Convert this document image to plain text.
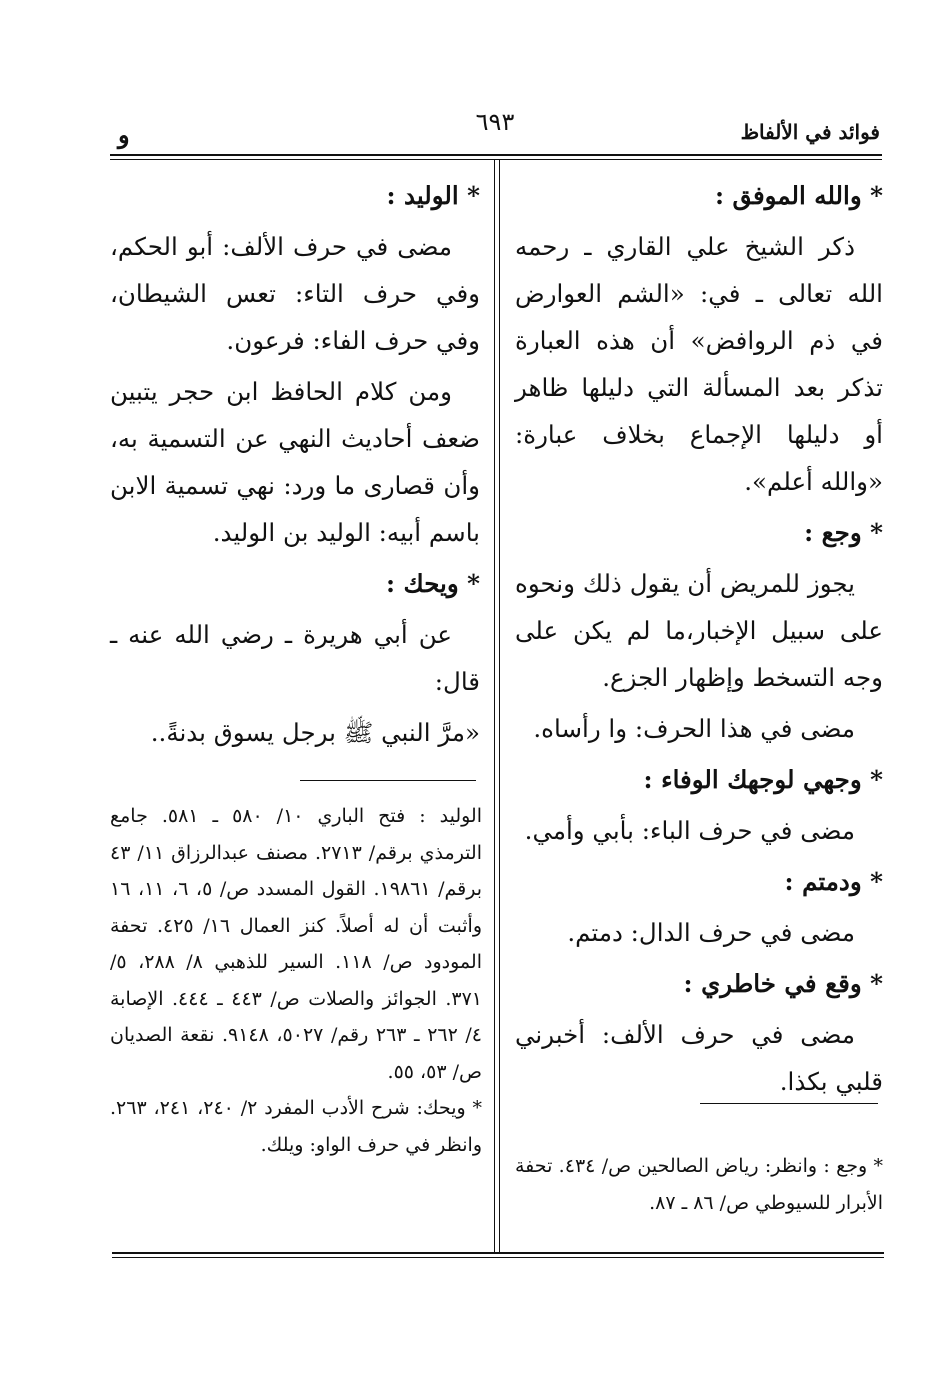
فوائد في الألفاظ
٦٩٣
و

* والله الموفق :

ذكر الشيخ علي القاري ـ رحمه الله تعالى ـ في: «الشم العوارض في ذم الروافض» أن هذه العبارة تذكر بعد المسألة التي دليلها ظاهر أو دليلها الإجماع بخلاف عبارة: «والله أعلم».

* وجع :

يجوز للمريض أن يقول ذلك ونحوه على سبيل الإخبار،ما لم يكن على وجه التسخط وإظهار الجزع.

مضى في هذا الحرف: وا رأساه.

* وجهي لوجهك الوفاء :

مضى في حرف الباء: بأبي وأمي.

* ودمتم :

مضى في حرف الدال: دمتم.

* وقع في خاطري :

مضى في حرف الألف: أخبرني قلبي بكذا.

* الوليد :

مضى في حرف الألف: أبو الحكم، وفي حرف التاء: تعس الشيطان، وفي حرف الفاء: فرعون.

ومن كلام الحافظ ابن حجر يتبين ضعف أحاديث النهي عن التسمية به، وأن قصارى ما ورد: نهي تسمية الابن باسم أبيه: الوليد بن الوليد.

* ويحك :

عن أبي هريرة ـ رضي الله عنه ـ قال:

«مرَّ النبي ﷺ برجل يسوق بدنةً..

* وجع : وانظر: رياض الصالحين ص/ ٤٣٤. تحفة الأبرار للسيوطي ص/ ٨٦ ـ ٨٧.

الوليد : فتح الباري ١٠/ ٥٨٠ ـ ٥٨١. جامع الترمذي برقم/ ٢٧١٣. مصنف عبدالرزاق ١١/ ٤٣ برقم/ ١٩٨٦١. القول المسدد ص/ ٥، ٦، ١١، ١٦ وأثبت أن له أصلاً. كنز العمال ١٦/ ٤٢٥. تحفة المودود ص/ ١١٨. السير للذهبي ٨/ ٢٨٨، ٥/ ٣٧١. الجوائز والصلات ص/ ٤٤٣ ـ ٤٤٤. الإصابة ٤/ ٢٦٢ ـ ٢٦٣ رقم/ ٥٠٢٧، ٩١٤٨. نقعة الصديان ص/ ٥٣، ٥٥.

* ويحك: شرح الأدب المفرد ٢/ ٢٤٠، ٢٤١، ٢٦٣. وانظر في حرف الواو: ويلك.
